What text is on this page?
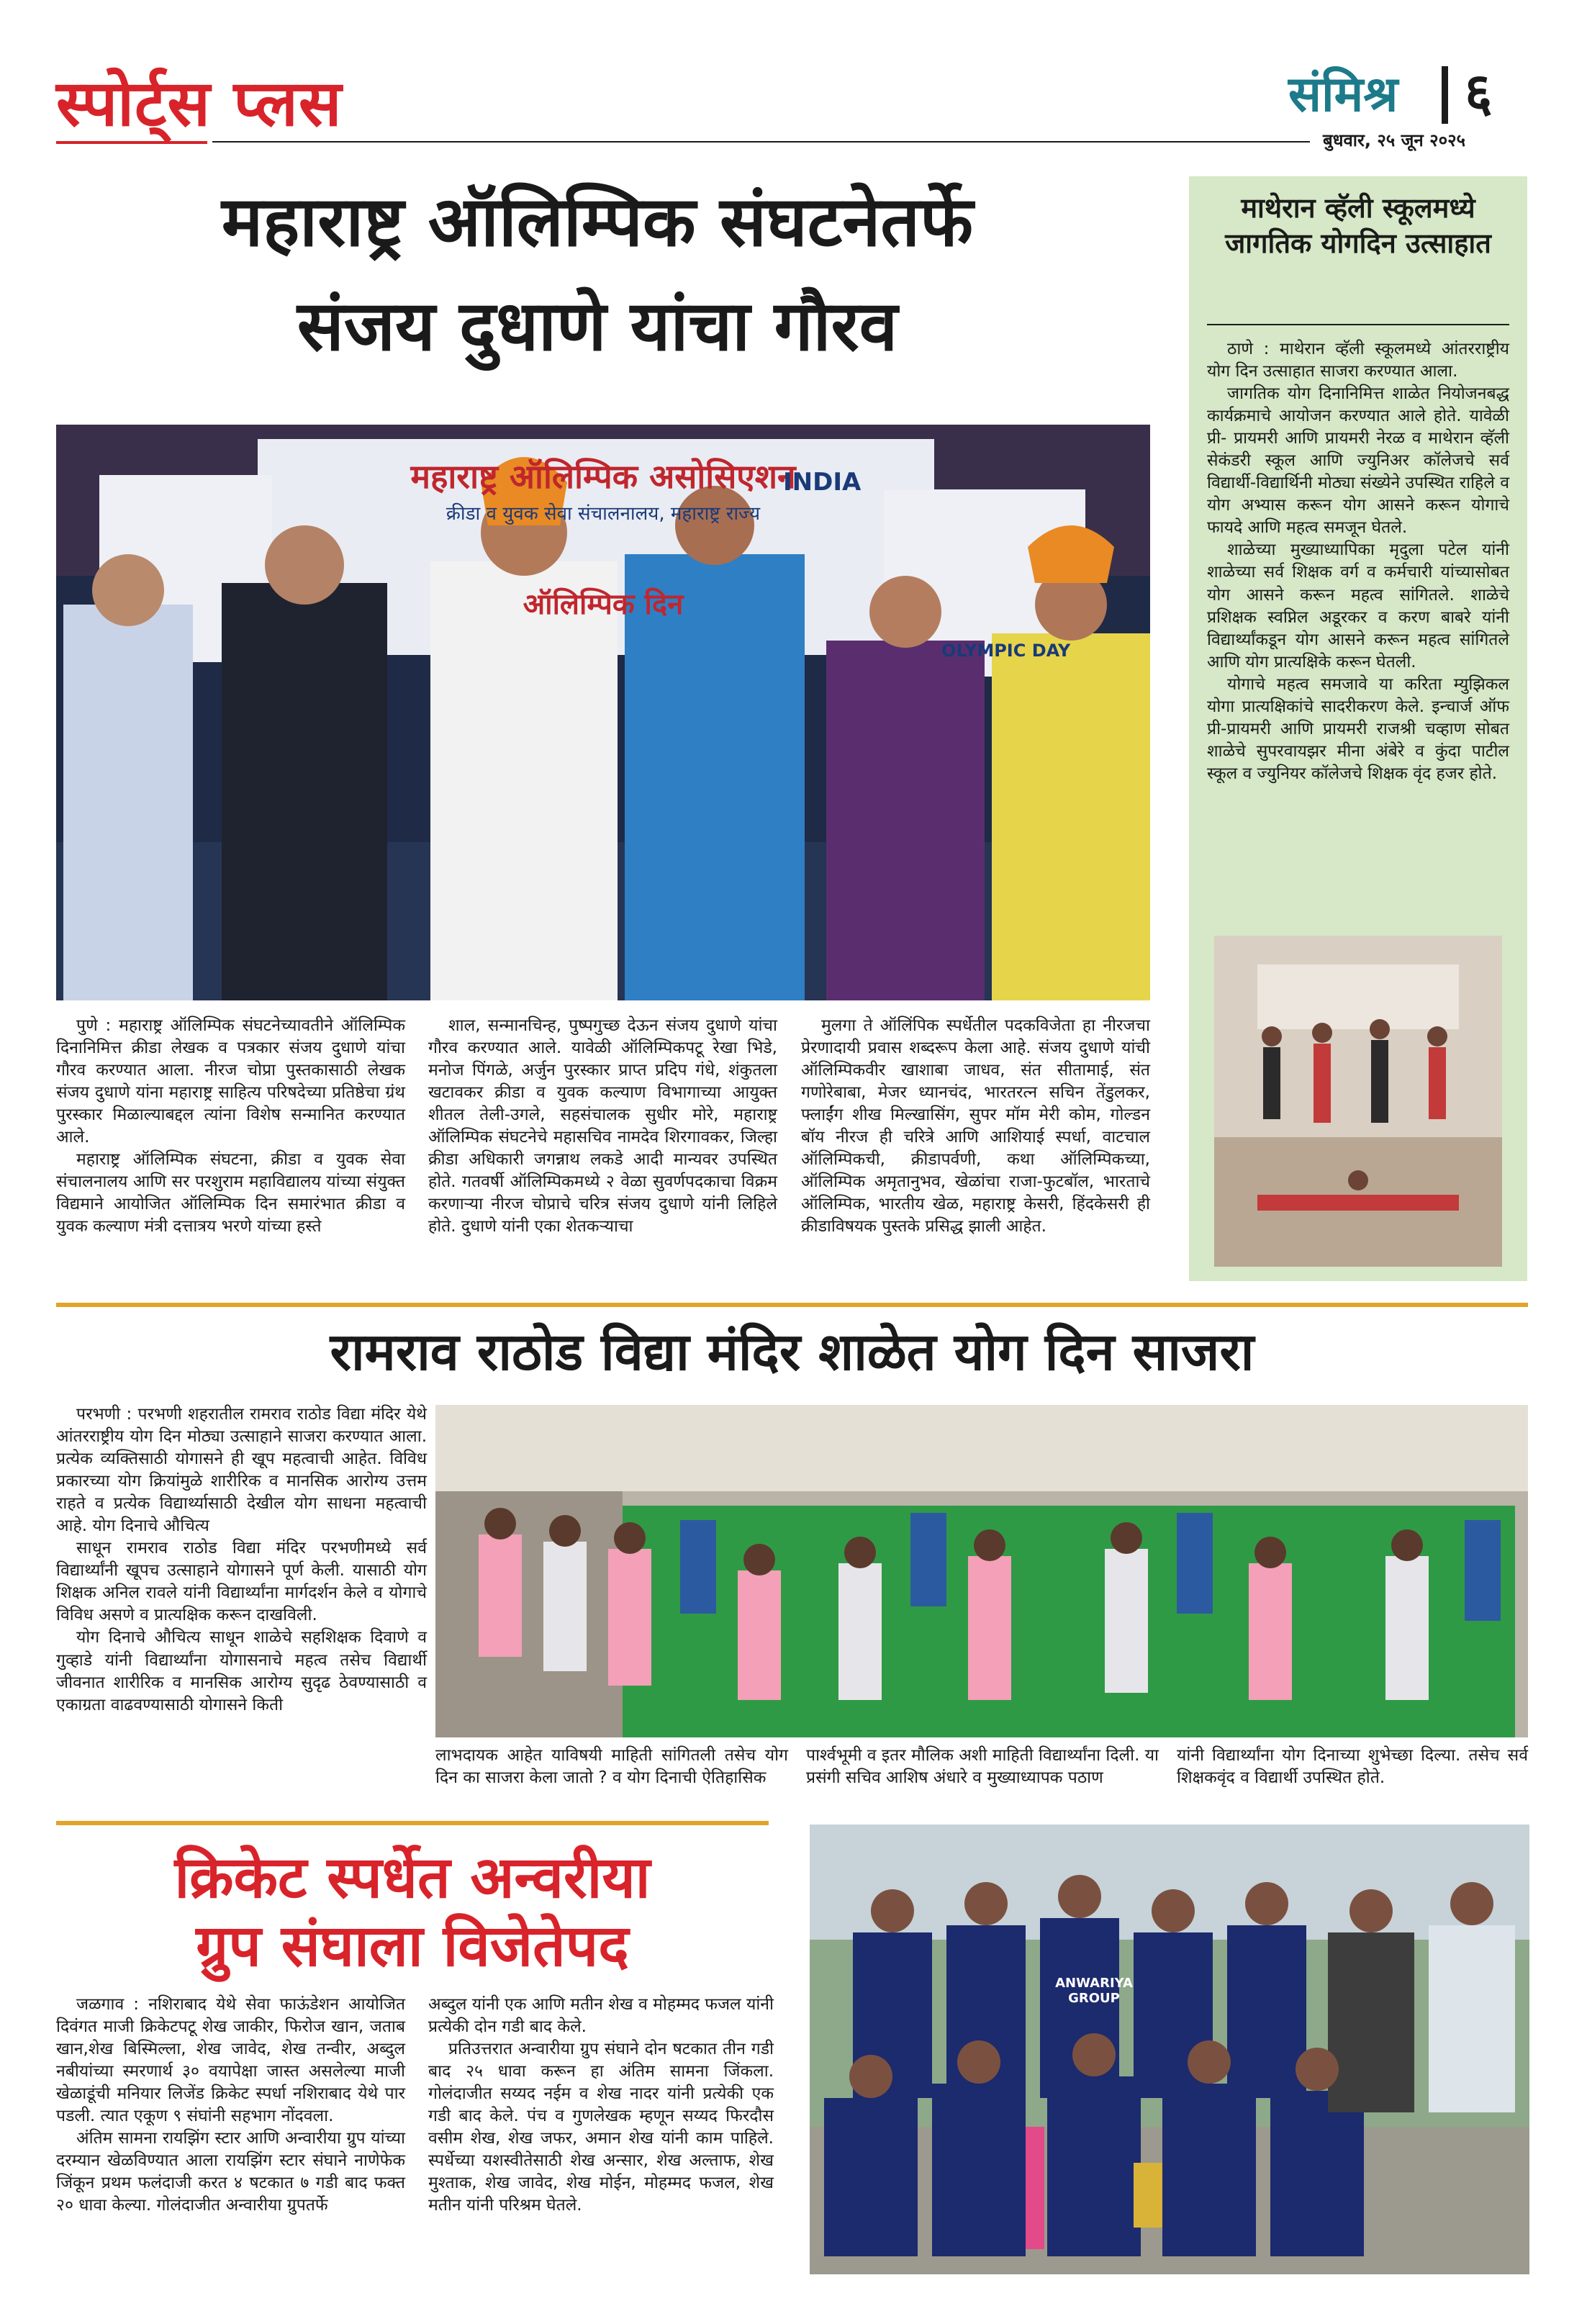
स्पोर्ट्स प्लस	संमिश्र ६
बुधवार, २५ जून २०२५
महाराष्ट्र ऑलिम्पिक संघटनेतर्फे
संजय दुधाणे यांचा गौरव
महाराष्ट्र ऑलिम्पिक असोसिएशन
क्रीडा व युवक सेवा संचालनालय, महाराष्ट्र राज्य
ऑलिम्पिक दिन
INDIA
OLYMPIC DAY

पुणे : महाराष्ट्र ऑलिम्पिक संघटनेच्यावतीने ऑलिम्पिक दिनानिमित्त क्रीडा लेखक व पत्रकार संजय दुधाणे यांचा गौरव करण्यात आला. नीरज चोप्रा पुस्तकासाठी लेखक संजय दुधाणे यांना महाराष्ट्र साहित्य परिषदेच्या प्रतिष्ठेचा ग्रंथ पुरस्कार मिळाल्याबद्दल त्यांना विशेष सन्मानित करण्यात आले.

महाराष्ट्र ऑलिम्पिक संघटना, क्रीडा व युवक सेवा संचालनालय आणि सर परशुराम महाविद्यालय यांच्या संयुक्त विद्यमाने आयोजित ऑलिम्पिक दिन समारंभात क्रीडा व युवक कल्याण मंत्री दत्तात्रय भरणे यांच्या हस्ते

शाल, सन्मानचिन्ह, पुष्पगुच्छ देऊन संजय दुधाणे यांचा गौरव करण्यात आले. यावेळी ऑलिम्पिकपटू रेखा भिडे, मनोज पिंगळे, अर्जुन पुरस्कार प्राप्त प्रदिप गंधे, शंकुतला खटावकर क्रीडा व युवक कल्याण विभागाच्या आयुक्त शीतल तेली-उगले, सहसंचालक सुधीर मोरे, महाराष्ट्र ऑलिम्पिक संघटनेचे महासचिव नामदेव शिरगावकर, जिल्हा क्रीडा अधिकारी जगन्नाथ लकडे आदी मान्यवर उपस्थित होते. गतवर्षी ऑलिम्पिकमध्ये २ वेळा सुवर्णपदकाचा विक्रम करणाऱ्या नीरज चोप्राचे चरित्र संजय दुधाणे यांनी लिहिले होते. दुधाणे यांनी एका शेतकऱ्याचा

मुलगा ते ऑलिंपिक स्पर्धेतील पदकविजेता हा नीरजचा प्रेरणादायी प्रवास शब्दरूप केला आहे. संजय दुधाणे यांची ऑलिम्पिकवीर खाशाबा जाधव, संत सीतामाई, संत गणोरेबाबा, मेजर ध्यानचंद, भारतरत्न सचिन तेंडुलकर, फ्लाईंग शीख मिल्खासिंग, सुपर मॉम मेरी कोम, गोल्डन बॉय नीरज ही चरित्रे आणि आशियाई स्पर्धा, वाटचाल ऑलिम्पिकची, क्रीडापर्वणी, कथा ऑलिम्पिकच्या, ऑलिम्पिक अमृतानुभव, खेळांचा राजा-फुटबॉल, भारताचे ऑलिम्पिक, भारतीय खेळ, महाराष्ट्र केसरी, हिंदकेसरी ही क्रीडाविषयक पुस्तके प्रसिद्ध झाली आहेत.

माथेरान व्हॅली स्कूलमध्ये जागतिक योगदिन उत्साहात

ठाणे : माथेरान व्हॅली स्कूलमध्ये आंतरराष्ट्रीय योग दिन उत्साहात साजरा करण्यात आला.

जागतिक योग दिनानिमित्त शाळेत नियोजनबद्ध कार्यक्रमाचे आयोजन करण्यात आले होते. यावेळी प्री- प्रायमरी आणि प्रायमरी नेरळ व माथेरान व्हॅली सेकंडरी स्कूल आणि ज्युनिअर कॉलेजचे सर्व विद्यार्थी-विद्यार्थिनी मोठ्या संख्येने उपस्थित राहिले व योग अभ्यास करून योग आसने करून योगाचे फायदे आणि महत्व समजून घेतले.

शाळेच्या मुख्याध्यापिका मृदुला पटेल यांनी शाळेच्या सर्व शिक्षक वर्ग व कर्मचारी यांच्यासोबत योग आसने करून महत्व सांगितले. शाळेचे प्रशिक्षक स्वप्निल अडूरकर व करण बाबरे यांनी विद्यार्थ्यांकडून योग आसने करून महत्व सांगितले आणि योग प्रात्यक्षिके करून घेतली.

योगाचे महत्व समजावे या करिता म्युझिकल योगा प्रात्यक्षिकांचे सादरीकरण केले. इन्चार्ज ऑफ प्री-प्रायमरी आणि प्रायमरी राजश्री चव्हाण सोबत शाळेचे सुपरवायझर मीना अंबेरे व कुंदा पाटील स्कूल व ज्युनियर कॉलेजचे शिक्षक वृंद हजर होते.

रामराव राठोड विद्या मंदिर शाळेत योग दिन साजरा

परभणी : परभणी शहरातील रामराव राठोड विद्या मंदिर येथे आंतरराष्ट्रीय योग दिन मोठ्या उत्साहाने साजरा करण्यात आला. प्रत्येक व्यक्तिसाठी योगासने ही खूप महत्वाची आहेत. विविध प्रकारच्या योग क्रियांमुळे शारीरिक व मानसिक आरोग्य उत्तम राहते व प्रत्येक विद्यार्थ्यासाठी देखील योग साधना महत्वाची आहे. योग दिनाचे औचित्य

साधून रामराव राठोड विद्या मंदिर परभणीमध्ये सर्व विद्यार्थ्यांनी खूपच उत्साहाने योगासने पूर्ण केली. यासाठी योग शिक्षक अनिल रावले यांनी विद्यार्थ्यांना मार्गदर्शन केले व योगाचे विविध असणे व प्रात्यक्षिक करून दाखविली.

योग दिनाचे औचित्य साधून शाळेचे सहशिक्षक दिवाणे व गुव्हाडे यांनी विद्यार्थ्यांना योगासनाचे महत्व तसेच विद्यार्थी जीवनात शारीरिक व मानसिक आरोग्य सुदृढ ठेवण्यासाठी व एकाग्रता वाढवण्यासाठी योगासने किती

लाभदायक आहेत याविषयी माहिती सांगितली तसेच योग दिन का साजरा केला जातो ? व योग दिनाची ऐतिहासिक

पार्श्वभूमी व इतर मौलिक अशी माहिती विद्यार्थ्यांना दिली. या प्रसंगी सचिव आशिष अंधारे व मुख्याध्यापक पठाण

यांनी विद्यार्थ्यांना योग दिनाच्या शुभेच्छा दिल्या. तसेच सर्व शिक्षकवृंद व विद्यार्थी उपस्थित होते.

क्रिकेट स्पर्धेत अन्वरीया
ग्रुप संघाला विजेतेपद

जळगाव : नशिराबाद येथे सेवा फाऊंडेशन आयोजित दिवंगत माजी क्रिकेटपटू शेख जाकीर, फिरोज खान, जताब खान,शेख बिस्मिल्ला, शेख जावेद, शेख तन्वीर, अब्दुल नबीयांच्या स्मरणार्थ ३० वयापेक्षा जास्त असलेल्या माजी खेळाडूंची मनियार लिजेंड क्रिकेट स्पर्धा नशिराबाद येथे पार पडली. त्यात एकूण ९ संघांनी सहभाग नोंदवला.

अंतिम सामना रायझिंग स्टार आणि अन्वारीया ग्रुप यांच्या दरम्यान खेळविण्यात आला रायझिंग स्टार संघाने नाणेफेक जिंकून प्रथम फलंदाजी करत ४ षटकात ७ गडी बाद फक्त २० धावा केल्या. गोलंदाजीत अन्वारीया ग्रुपतर्फे

अब्दुल यांनी एक आणि मतीन शेख व मोहम्मद फजल यांनी प्रत्येकी दोन गडी बाद केले.

प्रतिउत्तरात अन्वारीया ग्रुप संघाने दोन षटकात तीन गडी बाद २५ धावा करून हा अंतिम सामना जिंकला. गोलंदाजीत सय्यद नईम व शेख नादर यांनी प्रत्येकी एक गडी बाद केले. पंच व गुणलेखक म्हणून सय्यद फिरदौस वसीम शेख, शेख जफर, अमान शेख यांनी काम पाहिले. स्पर्धेच्या यशस्वीतेसाठी शेख अन्सार, शेख अल्ताफ, शेख मुश्ताक, शेख जावेद, शेख मोईन, मोहम्मद फजल, शेख मतीन यांनी परिश्रम घेतले.

ANWARIYA GROUP
